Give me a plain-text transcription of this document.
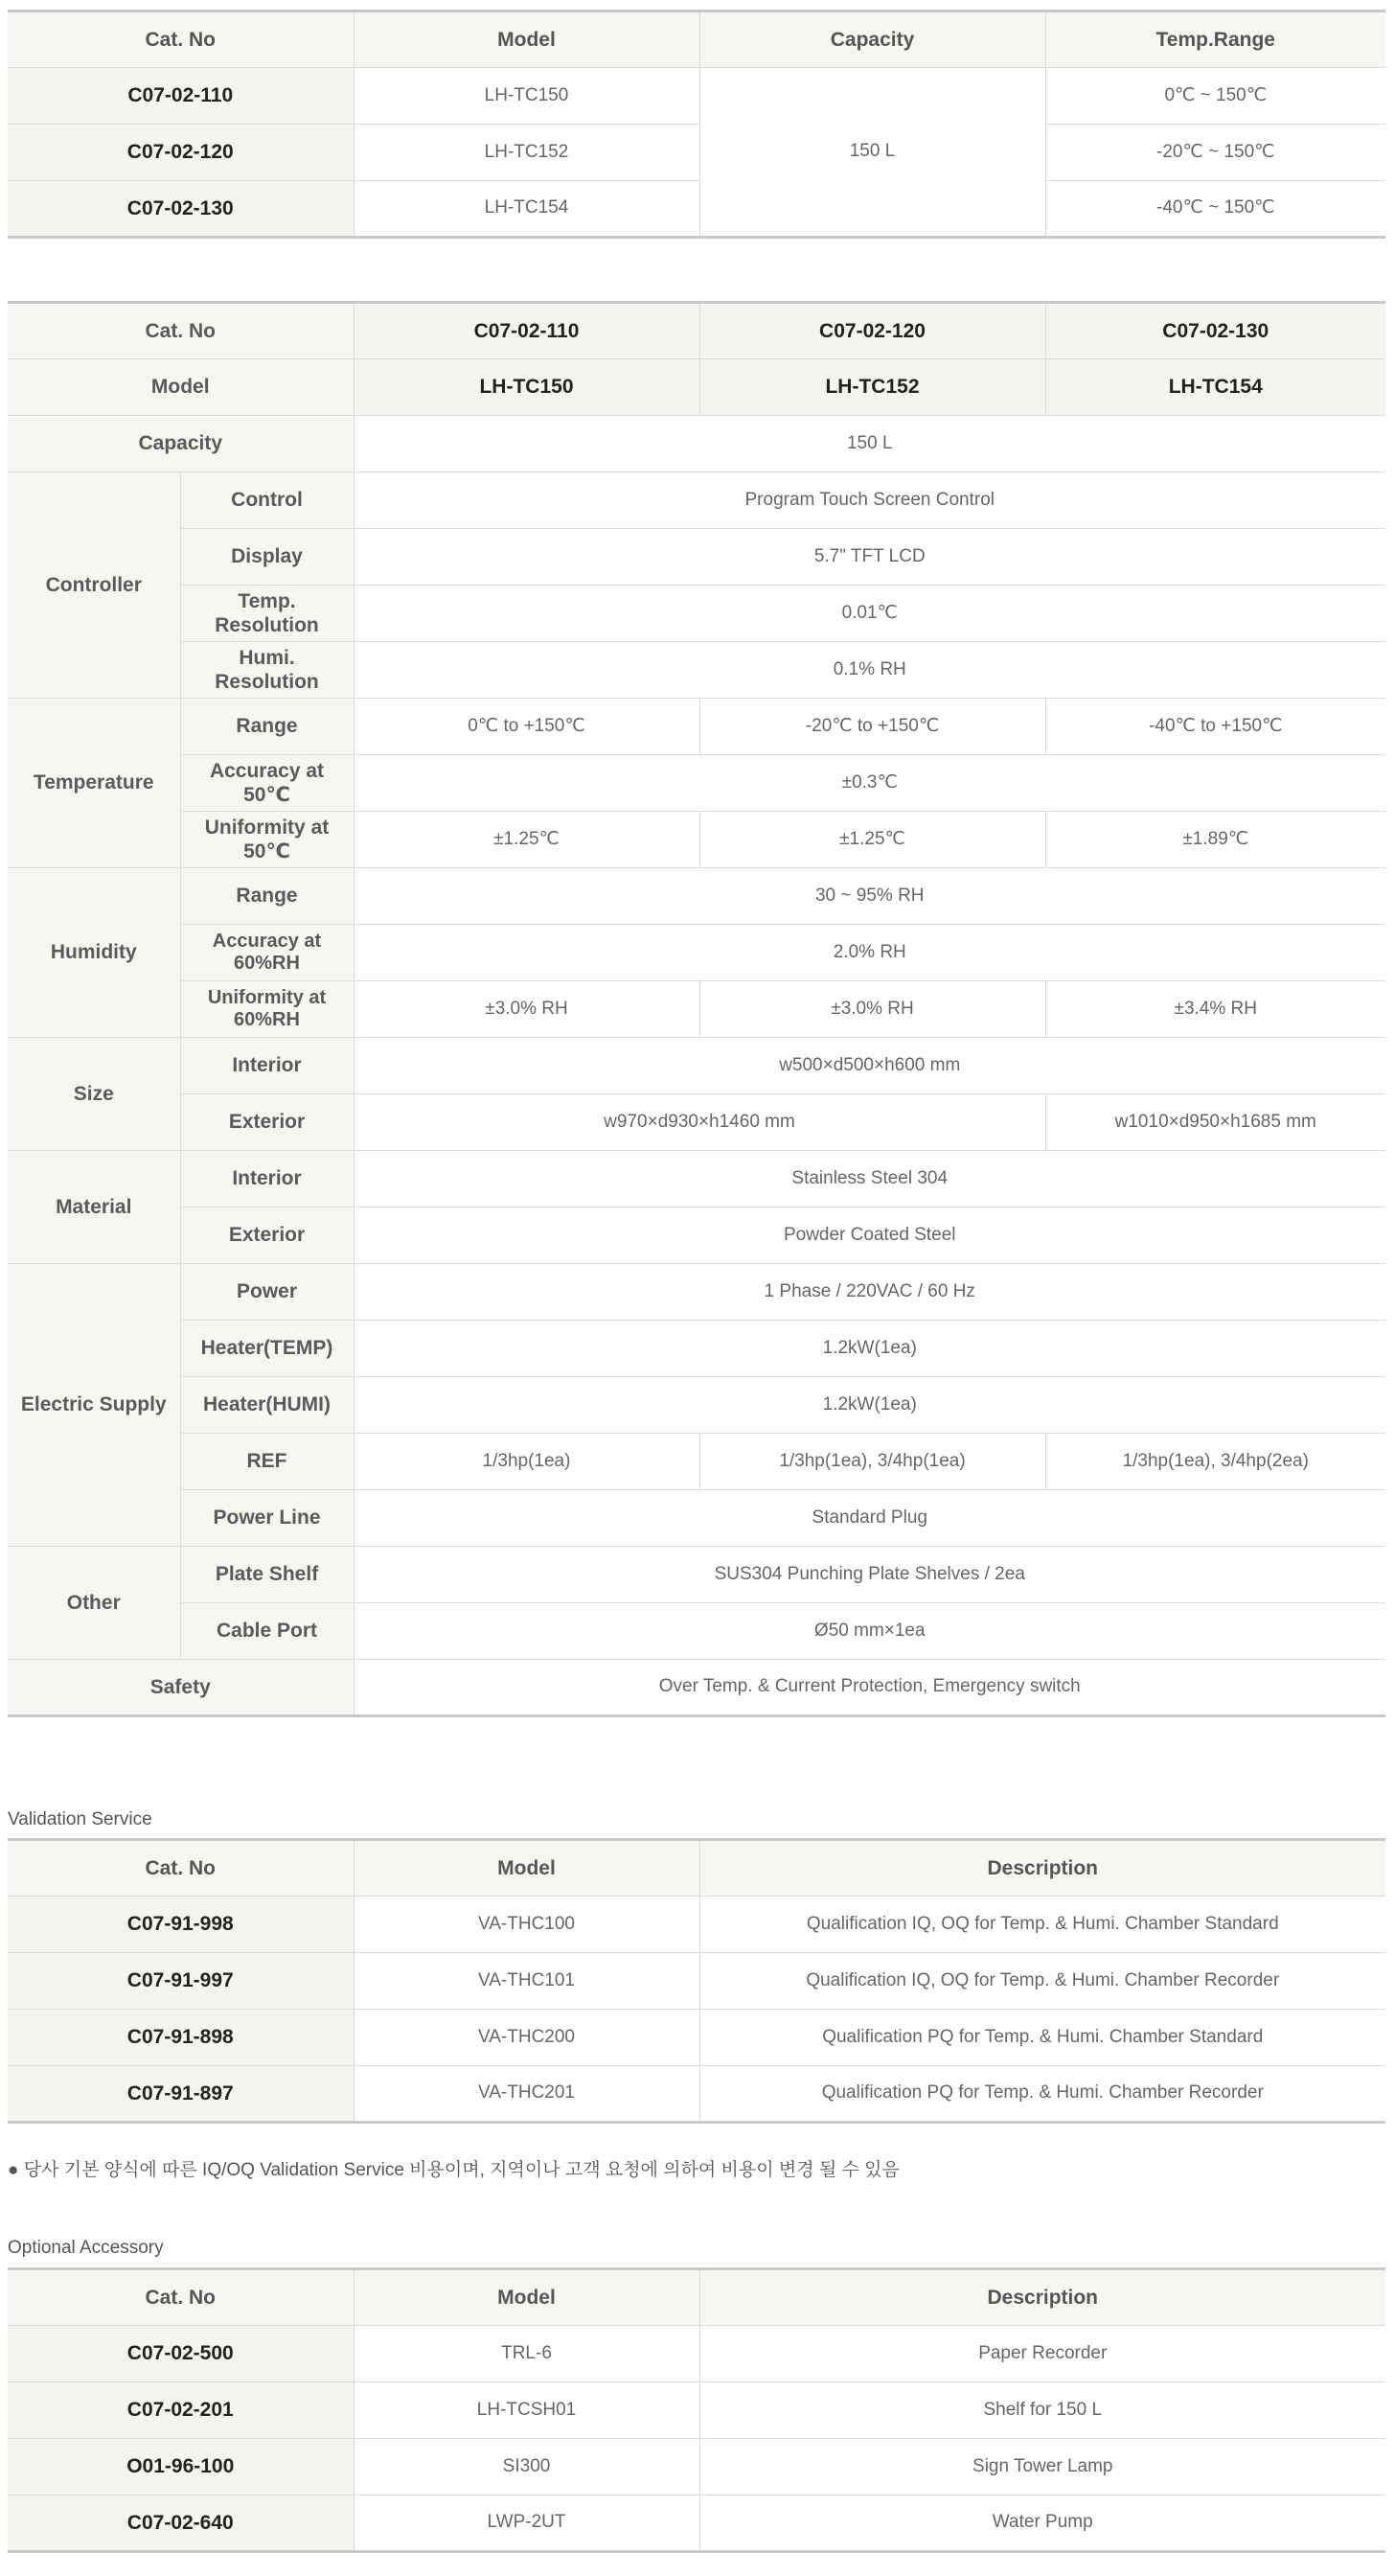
Cat. No	Model	Capacity	Temp.Range
C07-02-110	LH-TC150	150 L	0℃ ~ 150℃
C07-02-120	LH-TC152		-20℃ ~ 150℃
C07-02-130	LH-TC154		-40℃ ~ 150℃
Cat. No		C07-02-110	C07-02-120	C07-02-130
Model		LH-TC150	LH-TC152	LH-TC154
Capacity		150 L		
Controller	Control	Program Touch Screen Control		
	Display	5.7" TFT LCD		
	Temp. Resolution	0.01℃		
	Humi. Resolution	0.1% RH		
Temperature	Range	0℃ to +150℃	-20℃ to +150℃	-40℃ to +150℃
	Accuracy at 50℃	±0.3℃		
	Uniformity at 50℃	±1.25℃	±1.25℃	±1.89℃
Humidity	Range	30 ~ 95% RH		
	Accuracy at 60%RH	2.0% RH		
	Uniformity at 60%RH	±3.0% RH	±3.0% RH	±3.4% RH
Size	Interior	w500×d500×h600 mm		
	Exterior	w970×d930×h1460 mm		w1010×d950×h1685 mm
Material	Interior	Stainless Steel 304		
	Exterior	Powder Coated Steel		
Electric Supply	Power	1 Phase / 220VAC / 60 Hz		
	Heater(TEMP)	1.2kW(1ea)		
	Heater(HUMI)	1.2kW(1ea)		
	REF	1/3hp(1ea)	1/3hp(1ea), 3/4hp(1ea)	1/3hp(1ea), 3/4hp(2ea)
	Power Line	Standard Plug		
Other	Plate Shelf	SUS304 Punching Plate Shelves / 2ea		
	Cable Port	Ø50 mm×1ea		
Safety		Over Temp. & Current Protection, Emergency switch		
Validation Service
Cat. No	Model	Description
C07-91-998	VA-THC100	Qualification IQ, OQ for Temp. & Humi. Chamber Standard
C07-91-997	VA-THC101	Qualification IQ, OQ for Temp. & Humi. Chamber Recorder
C07-91-898	VA-THC200	Qualification PQ for Temp. & Humi. Chamber Standard
C07-91-897	VA-THC201	Qualification PQ for Temp. & Humi. Chamber Recorder
● 당사 기본 양식에 따른 IQ/OQ Validation Service 비용이며, 지역이나 고객 요청에 의하여 비용이 변경 될 수 있음
Optional Accessory
Cat. No	Model	Description
C07-02-500	TRL-6	Paper Recorder
C07-02-201	LH-TCSH01	Shelf for 150 L
O01-96-100	SI300	Sign Tower Lamp
C07-02-640	LWP-2UT	Water Pump
